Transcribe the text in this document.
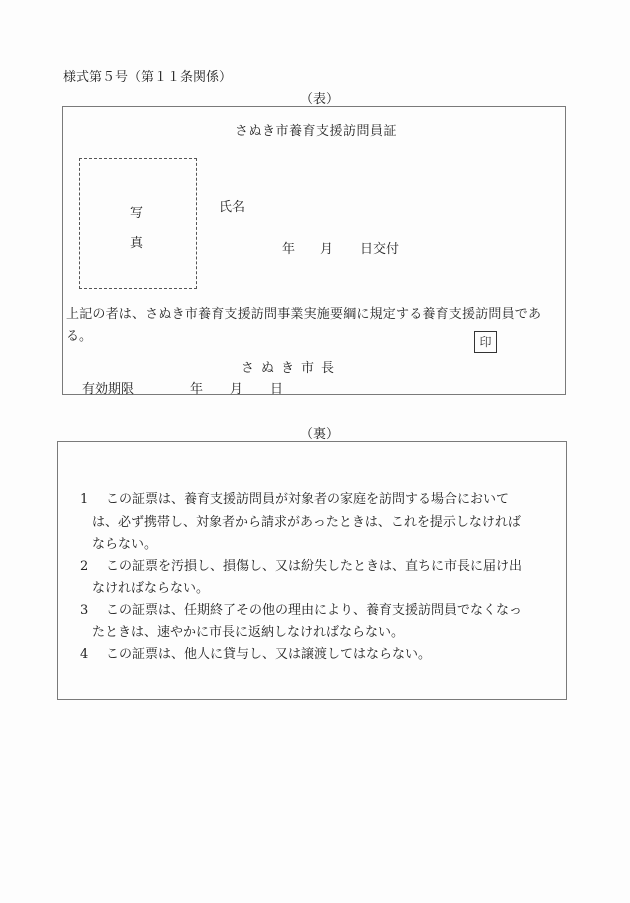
様式第５号（第１１条関係）
（表）
さぬき市養育支援訪問員証
写
真
氏名
年 月 日交付
上記の者は、さぬき市養育支援訪問事業実施要綱に規定する養育支援訪問員であ
る。	印
さぬき市長
有効期限	年 月 日
（裏）
1 この証票は、養育支援訪問員が対象者の家庭を訪問する場合において
は、必ず携帯し、対象者から請求があったときは、これを提示しなければ
ならない。
2 この証票を汚損し、損傷し、又は紛失したときは、直ちに市長に届け出
なければならない。
3 この証票は、任期終了その他の理由により、養育支援訪問員でなくなっ
たときは、速やかに市長に返納しなければならない。
4 この証票は、他人に貸与し、又は譲渡してはならない。
